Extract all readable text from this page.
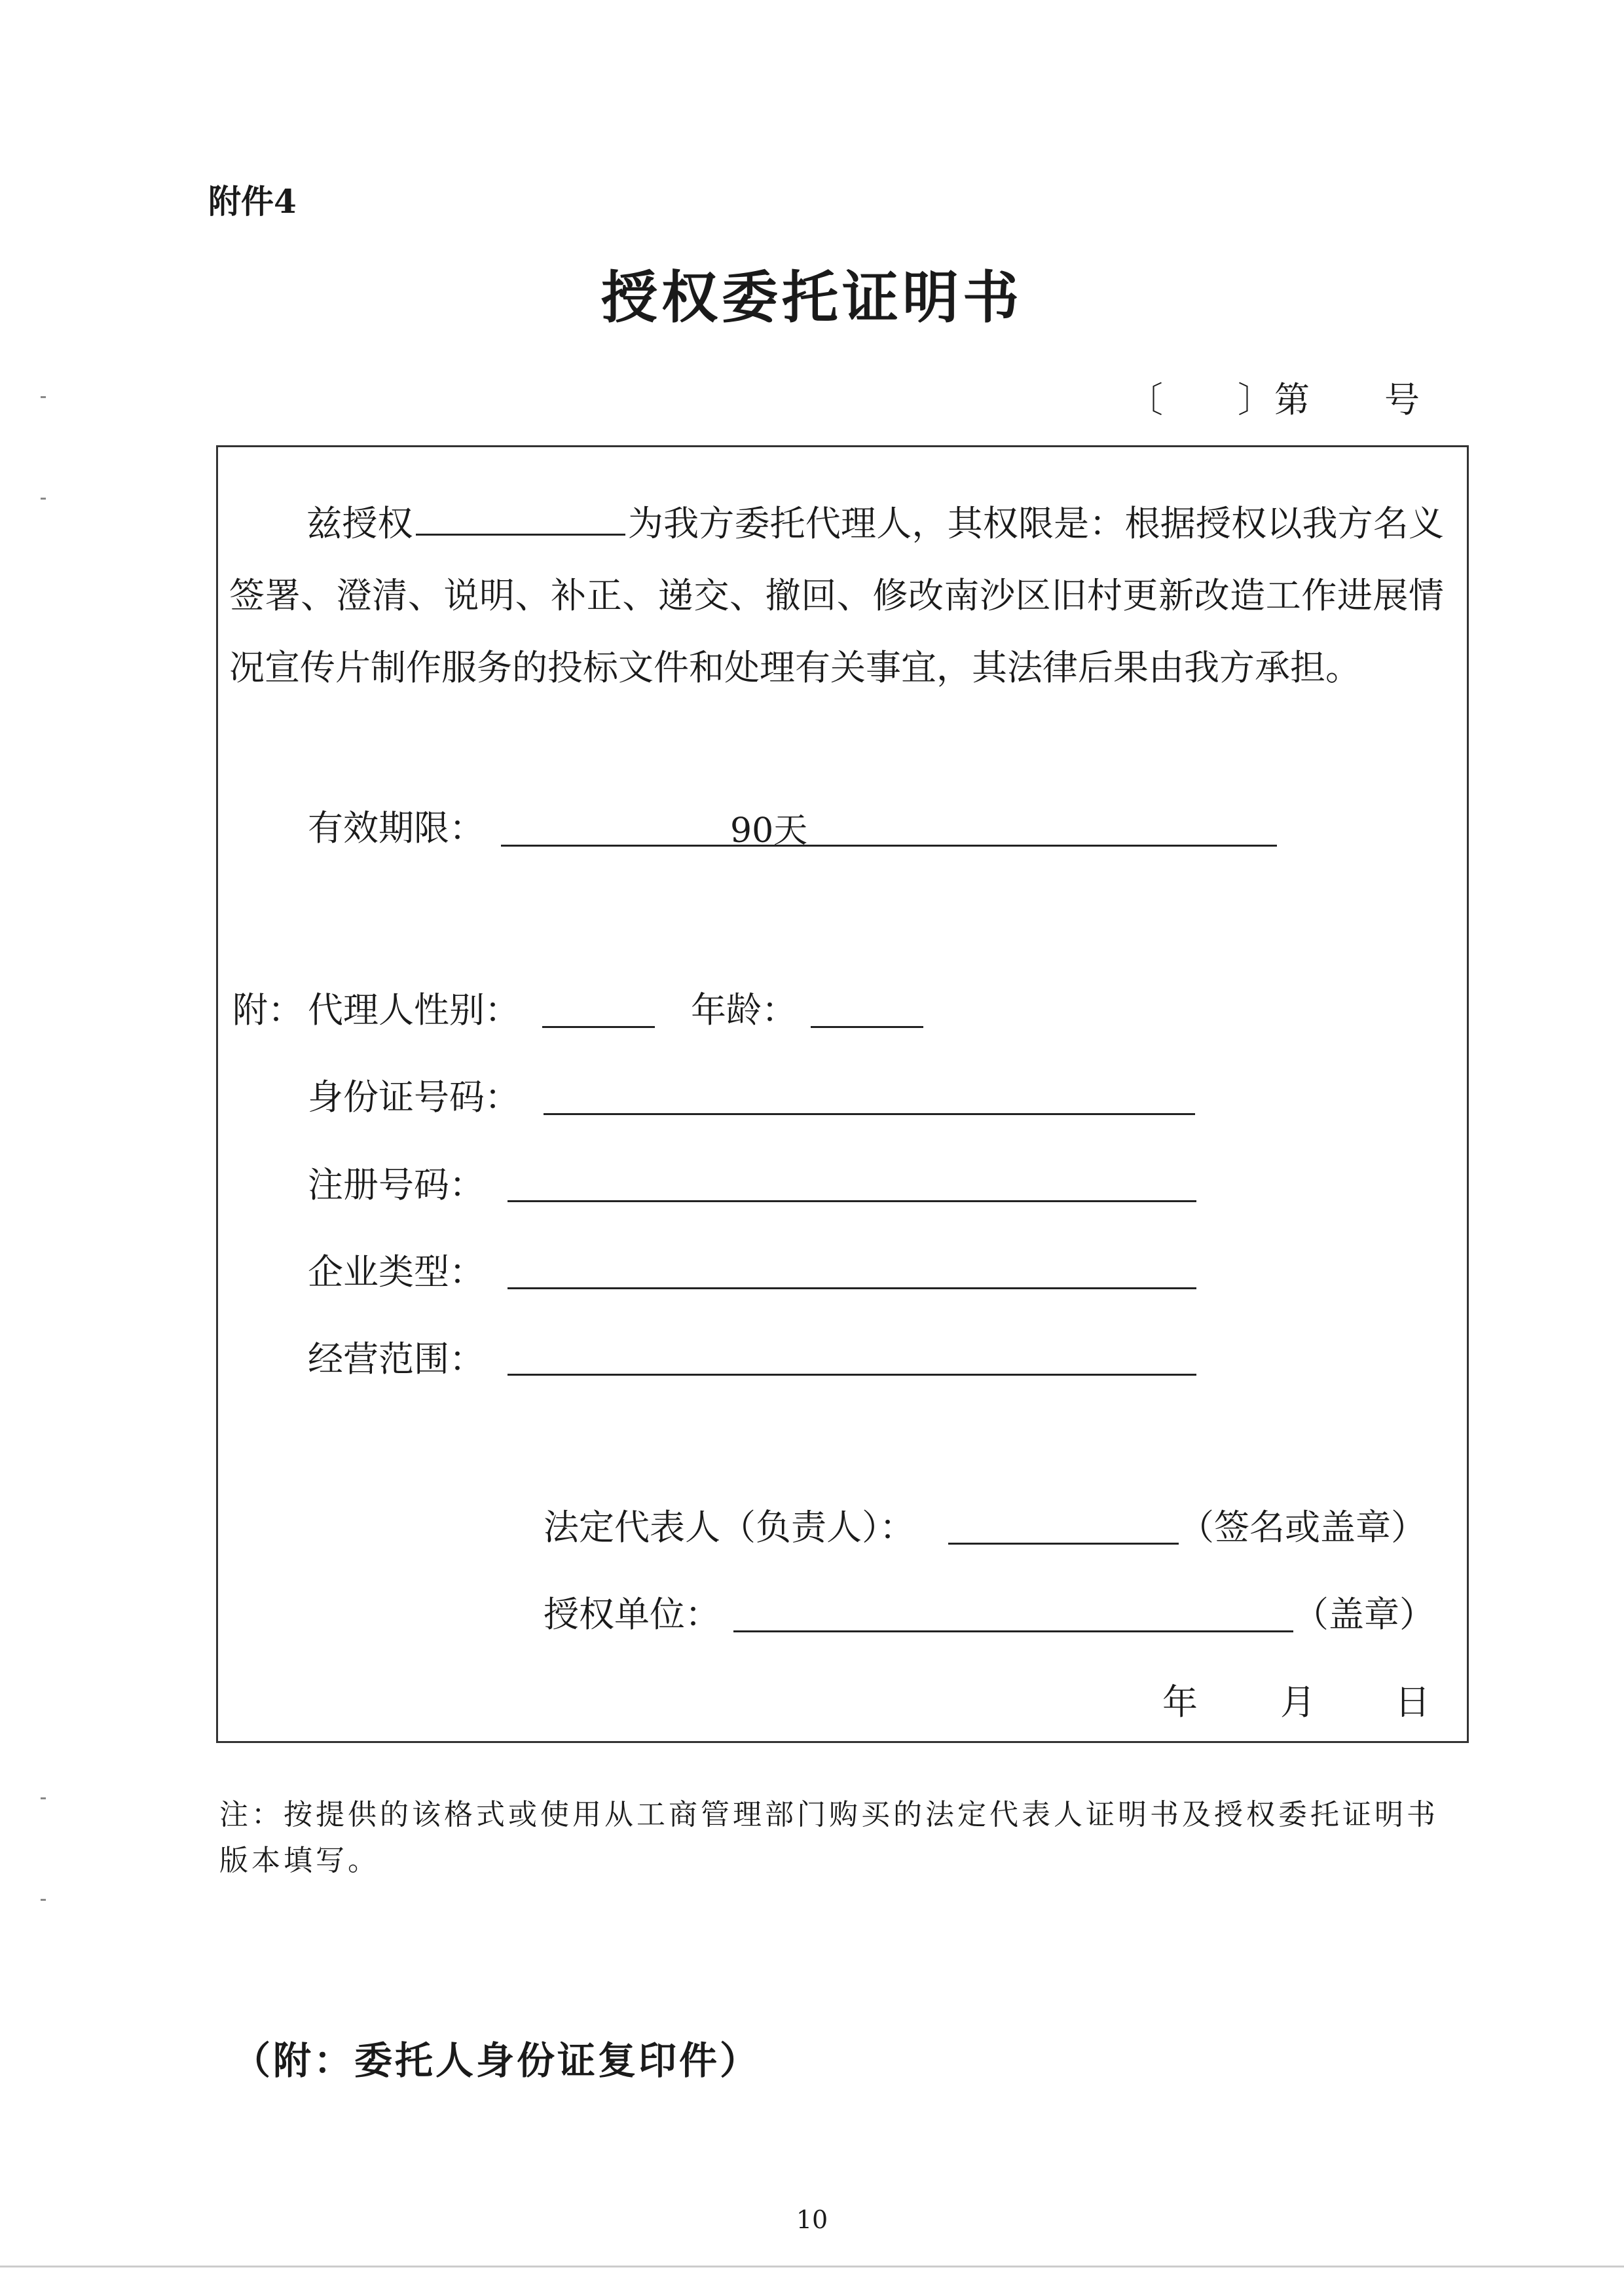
附件4
授权委托证明书
〔　　〕第　　号
兹授权	为我方委托代理人，其权限是：根据授权以我方名义签署、澄清、说明、补正、递交、撤回、修改南沙区旧村更新改造工作进展情况宣传片制作服务的投标文件和处理有关事宜，其法律后果由我方承担。
有效期限：	90天
附： 代理人性别：	年龄：
身份证号码：
注册号码：
企业类型：
经营范围：
法定代表人（负责人）：	（签名或盖章）
授权单位：	（盖章）
年 月 日
注：按提供的该格式或使用从工商管理部门购买的法定代表人证明书及授权委托证明书版本填写。
（附：委托人身份证复印件）
10
